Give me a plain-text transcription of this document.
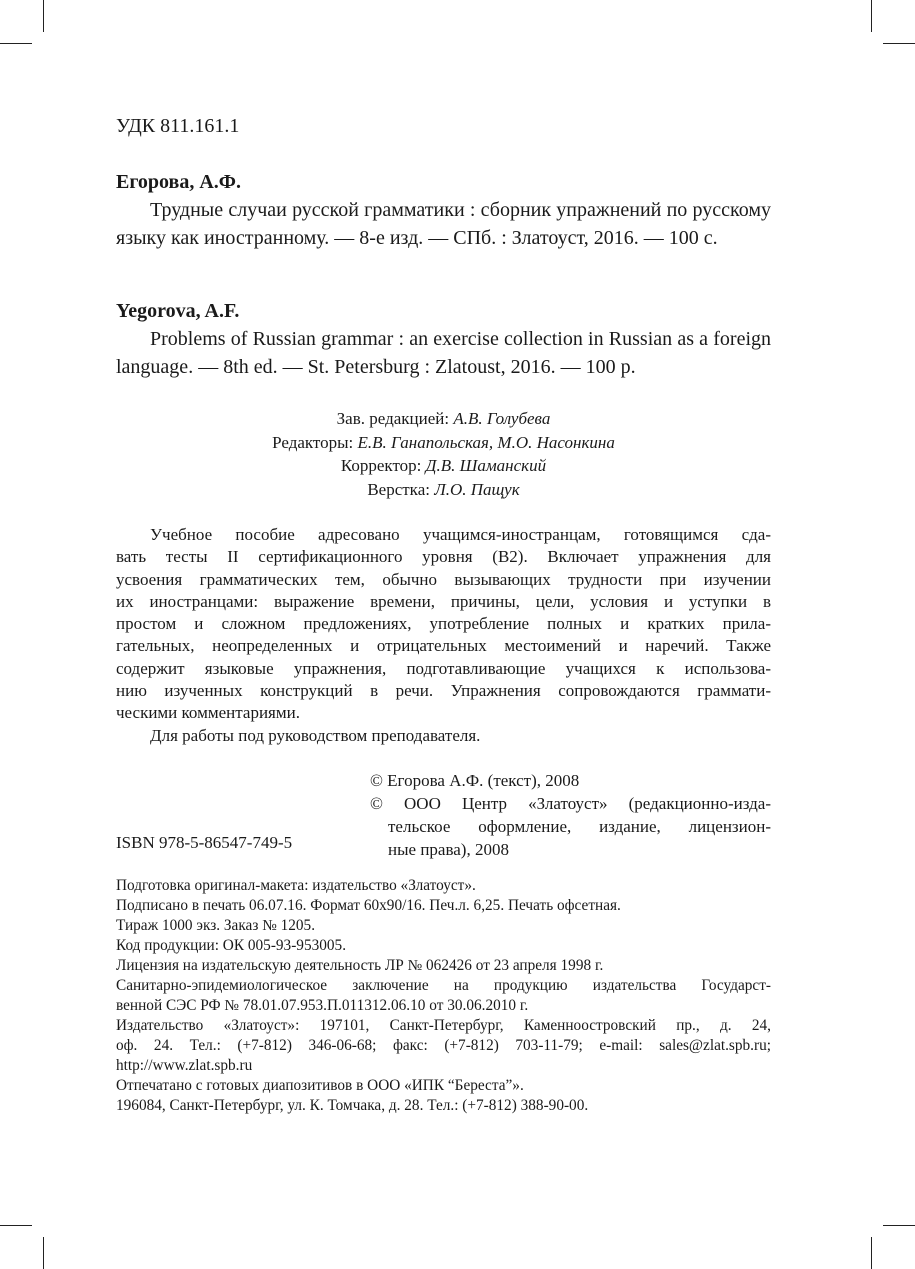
УДК 811.161.1
Егорова, А.Ф.
Трудные случаи русской грамматики : сборник упражнений по русскому языку как иностранному. — 8-е изд. — СПб. : Златоуст, 2016. — 100 с.
Yegorova, A.F.
Problems of Russian grammar : an exercise collection in Russian as a foreign language. — 8th ed. — St. Petersburg : Zlatoust, 2016. — 100 p.
Зав. редакцией: А.В. Голубева
Редакторы: Е.В. Ганапольская, М.О. Насонкина
Корректор: Д.В. Шаманский
Верстка: Л.О. Пащук
Учебное пособие адресовано учащимся-иностранцам, готовящимся сда-
вать тесты II сертификационного уровня (B2). Включает упражнения для
усвоения грамматических тем, обычно вызывающих трудности при изучении
их иностранцами: выражение времени, причины, цели, условия и уступки в
простом и сложном предложениях, употребление полных и кратких прила-
гательных, неопределенных и отрицательных местоимений и наречий. Также
содержит языковые упражнения, подготавливающие учащихся к использова-
нию изученных конструкций в речи. Упражнения сопровождаются граммати-
ческими комментариями.
Для работы под руководством преподавателя.
ISBN 978-5-86547-749-5
© Егорова А.Ф. (текст), 2008
© ООО Центр «Златоуст» (редакционно-изда-
тельское оформление, издание, лицензион-
ные права), 2008
Подготовка оригинал-макета: издательство «Златоуст».
Подписано в печать 06.07.16. Формат 60x90/16. Печ.л. 6,25. Печать офсетная.
Тираж 1000 экз. Заказ № 1205.
Код продукции: ОК 005-93-953005.
Лицензия на издательскую деятельность ЛР № 062426 от 23 апреля 1998 г.
Санитарно-эпидемиологическое заключение на продукцию издательства Государст-
венной СЭС РФ № 78.01.07.953.П.011312.06.10 от 30.06.2010 г.
Издательство «Златоуст»: 197101, Санкт-Петербург, Каменноостровский пр., д. 24,
оф. 24. Тел.: (+7-812) 346-06-68; факс: (+7-812) 703-11-79; e-mail: sales@zlat.spb.ru;
http://www.zlat.spb.ru
Отпечатано с готовых диапозитивов в ООО «ИПК “Береста”».
196084, Санкт-Петербург, ул. К. Томчака, д. 28. Тел.: (+7-812) 388-90-00.
